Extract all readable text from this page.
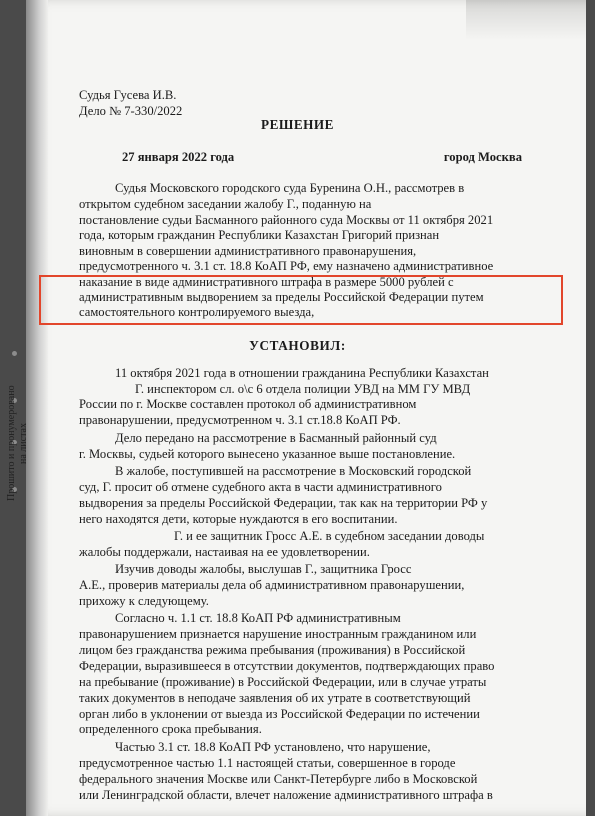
Прошито и пронумеровано на листах
Судья Гусева И.В.
Дело № 7-330/2022
РЕШЕНИЕ
27 января 2022 года	город Москва
Судья Московского городского суда Буренина О.Н., рассмотрев в
открытом судебном заседании жалобу Г., поданную на
постановление судьи Басманного районного суда Москвы от 11 октября 2021
года, которым гражданин Республики Казахстан Григорий признан
виновным в совершении административного правонарушения,
предусмотренного ч. 3.1 ст. 18.8 КоАП РФ, ему назначено административное
наказание в виде административного штрафа в размере 5000 рублей с
административным выдворением за пределы Российской Федерации путем
самостоятельного контролируемого выезда,
УСТАНОВИЛ:
11 октября 2021 года в отношении гражданина Республики Казахстан
Г. инспектором сл. о\с 6 отдела полиции УВД на ММ ГУ МВД
России по г. Москве составлен протокол об административном
правонарушении, предусмотренном ч. 3.1 ст.18.8 КоАП РФ.
Дело передано на рассмотрение в Басманный районный суд
г. Москвы, судьей которого вынесено указанное выше постановление.
В жалобе, поступившей на рассмотрение в Московский городской
суд, Г. просит об отмене судебного акта в части административного
выдворения за пределы Российской Федерации, так как на территории РФ у
него находятся дети, которые нуждаются в его воспитании.
Г. и ее защитник Гросс А.Е. в судебном заседании доводы
жалобы поддержали, настаивая на ее удовлетворении.
Изучив доводы жалобы, выслушав Г., защитника Гросс
А.Е., проверив материалы дела об административном правонарушении,
прихожу к следующему.
Согласно ч. 1.1 ст. 18.8 КоАП РФ административным
правонарушением признается нарушение иностранным гражданином или
лицом без гражданства режима пребывания (проживания) в Российской
Федерации, выразившееся в отсутствии документов, подтверждающих право
на пребывание (проживание) в Российской Федерации, или в случае утраты
таких документов в неподаче заявления об их утрате в соответствующий
орган либо в уклонении от выезда из Российской Федерации по истечении
определенного срока пребывания.
Частью 3.1 ст. 18.8 КоАП РФ установлено, что нарушение,
предусмотренное частью 1.1 настоящей статьи, совершенное в городе
федерального значения Москве или Санкт-Петербурге либо в Московской
или Ленинградской области, влечет наложение административного штрафа в
